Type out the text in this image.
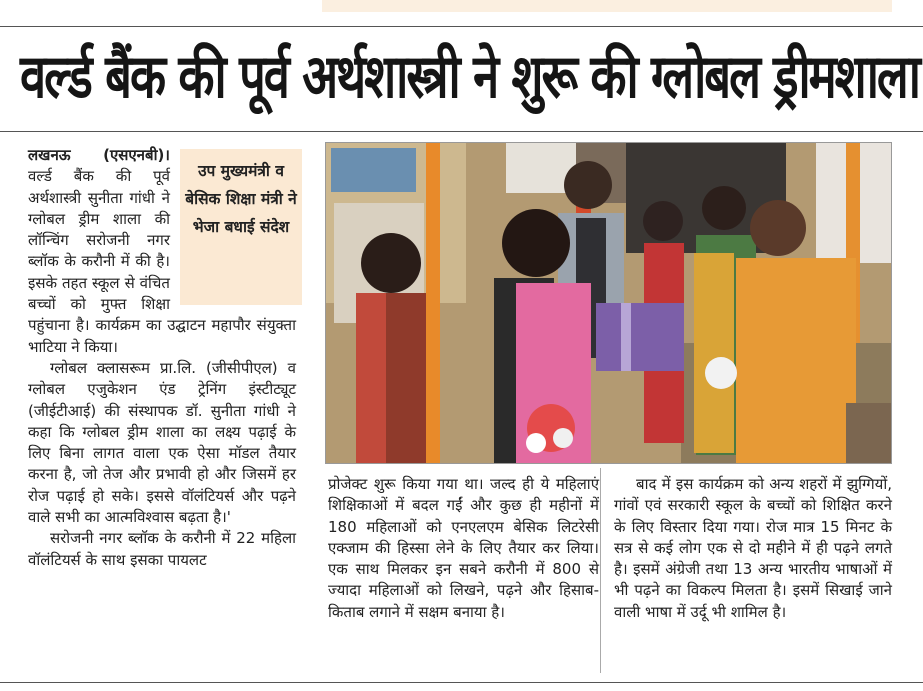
वर्ल्ड बैंक की पूर्व अर्थशास्त्री ने शुरू की ग्लोबल ड्रीमशाला

उप मुख्यमंत्री व बेसिक शिक्षा मंत्री ने भेजा बधाई संदेश
लखनऊ (एसएनबी)। वर्ल्ड बैंक की पूर्व अर्थशास्त्री सुनीता गांधी ने ग्लोबल ड्रीम शाला की लॉन्चिंग सरोजनी नगर ब्लॉक के करौनी में की है। इसके तहत स्कूल से वंचित बच्चों को मुफ्त शिक्षा पहुंचाना है। कार्यक्रम का उद्घाटन महापौर संयुक्ता भाटिया ने किया।

ग्लोबल क्लासरूम प्रा.लि. (जीसीपीएल) व ग्लोबल एजुकेशन एंड ट्रेनिंग इंस्टीट्यूट (जीईटीआई) की संस्थापक डॉ. सुनीता गांधी ने कहा कि ग्लोबल ड्रीम शाला का लक्ष्य पढ़ाई के लिए बिना लागत वाला एक ऐसा मॉडल तैयार करना है, जो तेज और प्रभावी हो और जिसमें हर रोज पढ़ाई हो सके। इससे वॉलंटियर्स और पढ़ने वाले सभी का आत्मविश्वास बढ़ता है।'

सरोजनी नगर ब्लॉक के करौनी में 22 महिला वॉलंटियर्स के साथ इसका पायलट

प्रोजेक्ट शुरू किया गया था। जल्द ही ये महिलाएं शिक्षिकाओं में बदल गईं और कुछ ही महीनों में 180 महिलाओं को एनएलएम बेसिक लिटरेसी एक्जाम की हिस्सा लेने के लिए तैयार कर लिया। एक साथ मिलकर इन सबने करौनी में 800 से ज्यादा महिलाओं को लिखने, पढ़ने और हिसाब-किताब लगाने में सक्षम बनाया है।

बाद में इस कार्यक्रम को अन्य शहरों में झुग्गियों, गांवों एवं सरकारी स्कूल के बच्चों को शिक्षित करने के लिए विस्तार दिया गया। रोज मात्र 15 मिनट के सत्र से कई लोग एक से दो महीने में ही पढ़ने लगते है। इसमें अंग्रेजी तथा 13 अन्य भारतीय भाषाओं में भी पढ़ने का विकल्प मिलता है। इसमें सिखाई जाने वाली भाषा में उर्दू भी शामिल है।
